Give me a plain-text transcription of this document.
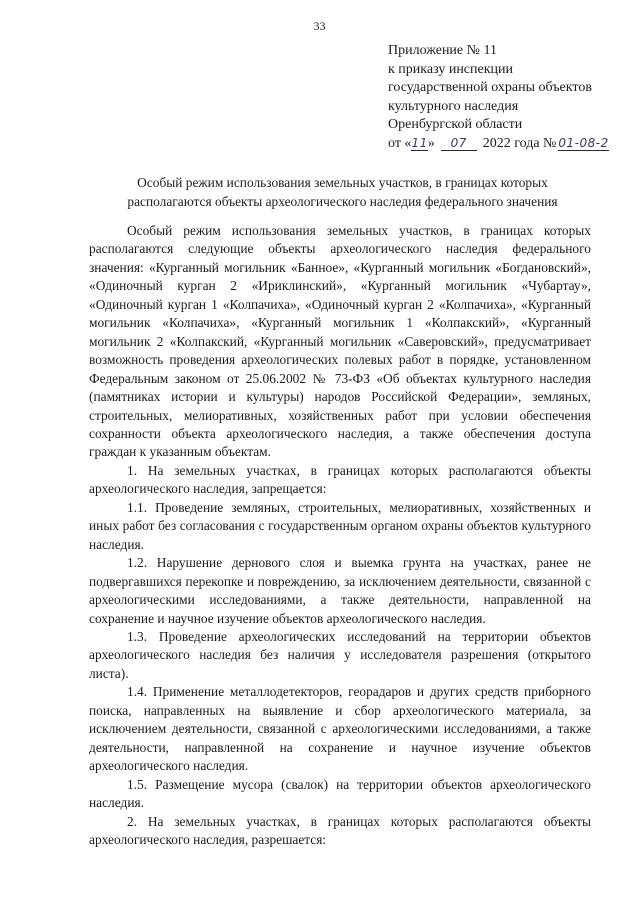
33
Приложение № 11
к приказу инспекции
государственной охраны объектов
культурного наследия
Оренбургской области
от «11» 07 2022 года № 01-08-2
Особый режим использования земельных участков, в границах которых располагаются объекты археологического наследия федерального значения

Особый режим использования земельных участков, в границах которых располагаются следующие объекты археологического наследия федерального значения: «Курганный могильник «Банное», «Курганный могильник «Богдановский», «Одиночный курган 2 «Ириклинский», «Курганный могильник «Чубартау», «Одиночный курган 1 «Колпачиха», «Одиночный курган 2 «Колпачиха», «Курганный могильник «Колпачиха», «Курганный могильник 1 «Колпакский», «Курганный могильник 2 «Колпакский, «Курганный могильник «Саверовский», предусматривает возможность проведения археологических полевых работ в порядке, установленном Федеральным законом от 25.06.2002 № 73-ФЗ «Об объектах культурного наследия (памятниках истории и культуры) народов Российской Федерации», земляных, строительных, мелиоративных, хозяйственных работ при условии обеспечения сохранности объекта археологического наследия, а также обеспечения доступа граждан к указанным объектам.

1. На земельных участках, в границах которых располагаются объекты археологического наследия, запрещается:

1.1. Проведение земляных, строительных, мелиоративных, хозяйственных и иных работ без согласования с государственным органом охраны объектов культурного наследия.

1.2. Нарушение дернового слоя и выемка грунта на участках, ранее не подвергавшихся перекопке и повреждению, за исключением деятельности, связанной с археологическими исследованиями, а также деятельности, направленной на сохранение и научное изучение объектов археологического наследия.

1.3. Проведение археологических исследований на территории объектов археологического наследия без наличия у исследователя разрешения (открытого листа).

1.4. Применение металлодетекторов, георадаров и других средств приборного поиска, направленных на выявление и сбор археологического материала, за исключением деятельности, связанной с археологическими исследованиями, а также деятельности, направленной на сохранение и научное изучение объектов археологического наследия.

1.5. Размещение мусора (свалок) на территории объектов археологического наследия.

2. На земельных участках, в границах которых располагаются объекты археологического наследия, разрешается:
